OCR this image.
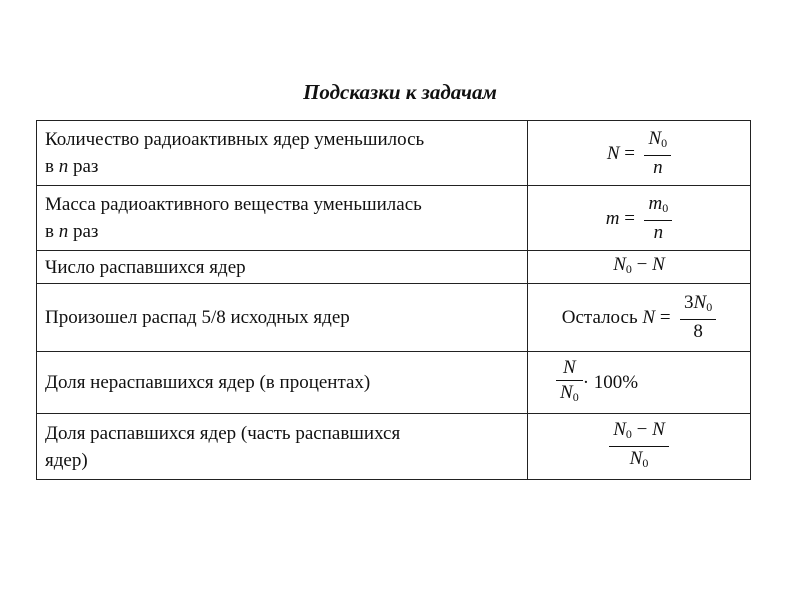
Подсказки к задачам
Количество радиоактивных ядер уменьшилось
в n раз	$N = \frac{N_0}{n}$

Масса радиоактивного вещества уменьшилась
в n раз	$m = \frac{m_0}{n}$

Число распавшихся ядер	$N_0 - N$
Произошел распад 5/8 исходных ядер	Осталось $N = \frac{3N_0}{8}$

Доля нераспавшихся ядер (в процентах)	$\frac{N}{N_0} \cdot 100\%$
Доля распавшихся ядер (часть распавшихся
ядер)	$\frac{N_0 - N}{N_0}$
